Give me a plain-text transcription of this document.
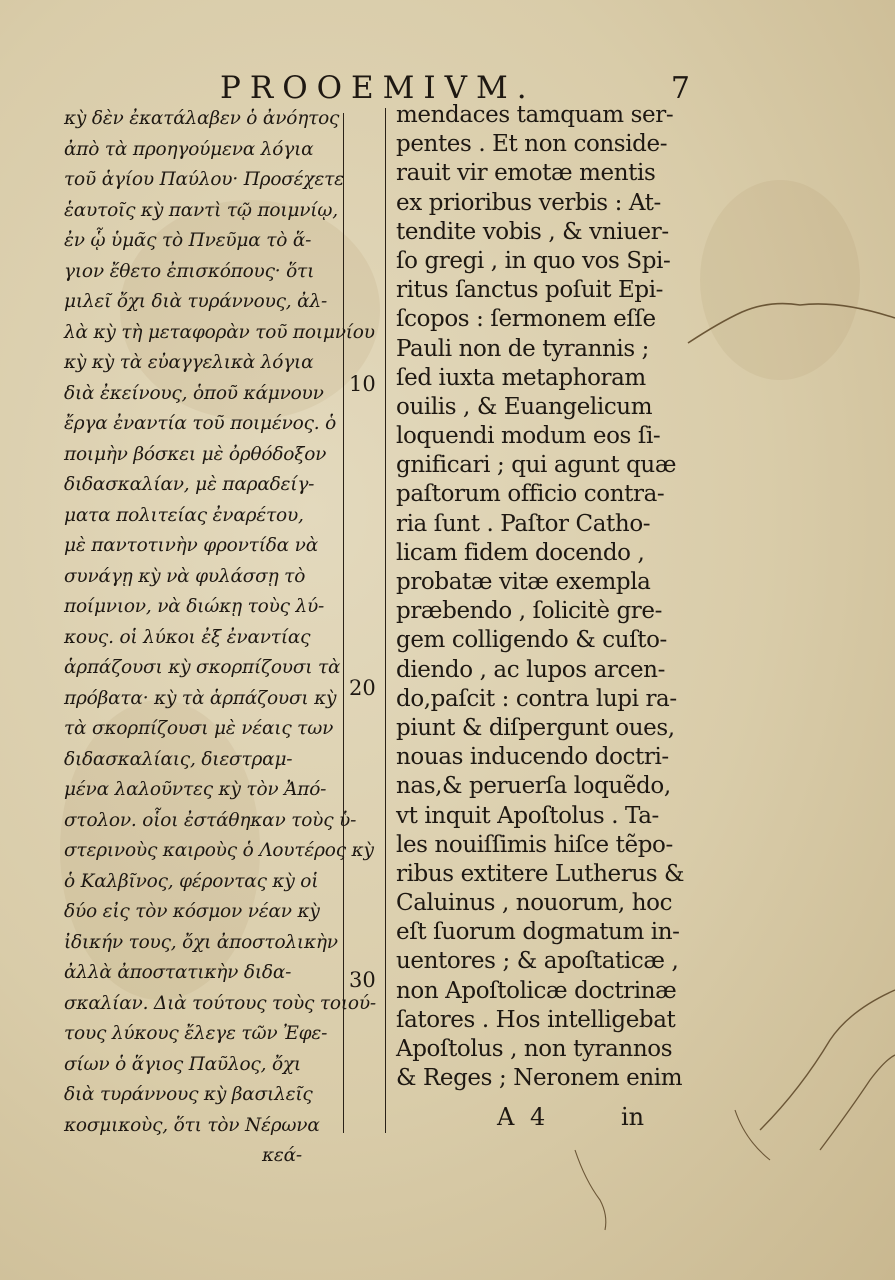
PROOEMIVM.	7
κỳ δὲν ἐκατάλαβεν ὁ ἀνόητος
ἀπὸ τὰ προηγούμενα λόγια
τοῦ ἁγίου Παύλου· Προσέχετε
ἑαυτοῖς κỳ παντὶ τῷ ποιμνίῳ,
ἐν ᾧ ὑμᾶς τὸ Πνεῦμα τὸ ἅ-
γιον ἔθετο ἐπισκόπους· ὅτι
μιλεῖ ὄχι διὰ τυράννους, ἀλ-
λὰ κỳ τὴ μεταφορὰν τοῦ ποιμνίου
κỳ κỳ τὰ εὐαγγελικὰ λόγια
διὰ ἐκείνους, ὁποῦ κάμνουν
ἔργα ἐναντία τοῦ ποιμένος. ὁ
ποιμὴν βόσκει μὲ ὀρθόδοξον
διδασκαλίαν, μὲ παραδείγ-
ματα πολιτείας ἐναρέτου,
μὲ παντοτινὴν φροντίδα νὰ
συνάγῃ κỳ νὰ φυλάσσῃ τὸ
ποίμνιον, νὰ διώκῃ τοὺς λύ-
κους. οἱ λύκοι ἐξ ἐναντίας
ἁρπάζουσι κỳ σκορπίζουσι τὰ
πρόβατα· κỳ τὰ ἁρπάζουσι κỳ
τὰ σκορπίζουσι μὲ νέαις των
διδασκαλίαις, διεστραμ-
μένα λαλοῦντες κỳ τὸν Ἀπό-
στολον. οἷοι ἐστάθηκαν τοὺς ὑ-
στερινοὺς καιροὺς ὁ Λουτέρος κỳ
ὁ Καλβῖνος, φέροντας κỳ οἱ
δύο εἰς τὸν κόσμον νέαν κỳ
ἰδικήν τους, ὄχι ἀποστολικὴν
ἀλλὰ ἀποστατικὴν διδα-
σκαλίαν. Διὰ τούτους τοὺς τοιού-
τους λύκους ἔλεγε τῶν Ἐφε-
σίων ὁ ἅγιος Παῦλος, ὄχι
διὰ τυράννους κỳ βασιλεῖς
κοσμικοὺς, ὅτι τὸν Νέρωνα
κεά-
mendaces tamquam ser-
pentes . Et non conside-
rauit vir emotæ mentis
ex prioribus verbis : At-
tendite vobis , & vniuer-
ſo gregi , in quo vos Spi-
ritus ſanctus poſuit Epi-
ſcopos : ſermonem eſſe
Pauli non de tyrannis ;
ſed iuxta metaphoram
ouilis , & Euangelicum
loquendi modum eos ſi-
gnificari ; qui agunt quæ
paſtorum officio contra-
ria ſunt . Paſtor Catho-
licam fidem docendo ,
probatæ vitæ exempla
præbendo , ſolicitè gre-
gem colligendo & cuſto-
diendo , ac lupos arcen-
do,paſcit : contra lupi ra-
piunt & diſpergunt oues,
nouas inducendo doctri-
nas,& peruerſa loquẽdo,
vt inquit Apoſtolus . Ta-
les nouiſſimis hiſce tẽpo-
ribus extitere Lutherus &
Caluinus , nouorum, hoc
eſt ſuorum dogmatum in-
uentores ; & apoſtaticæ ,
non Apoſtolicæ doctrinæ
ſatores . Hos intelligebat
Apoſtolus , non tyrannos
& Reges ; Neronem enim
10
20
30
A 4	in
